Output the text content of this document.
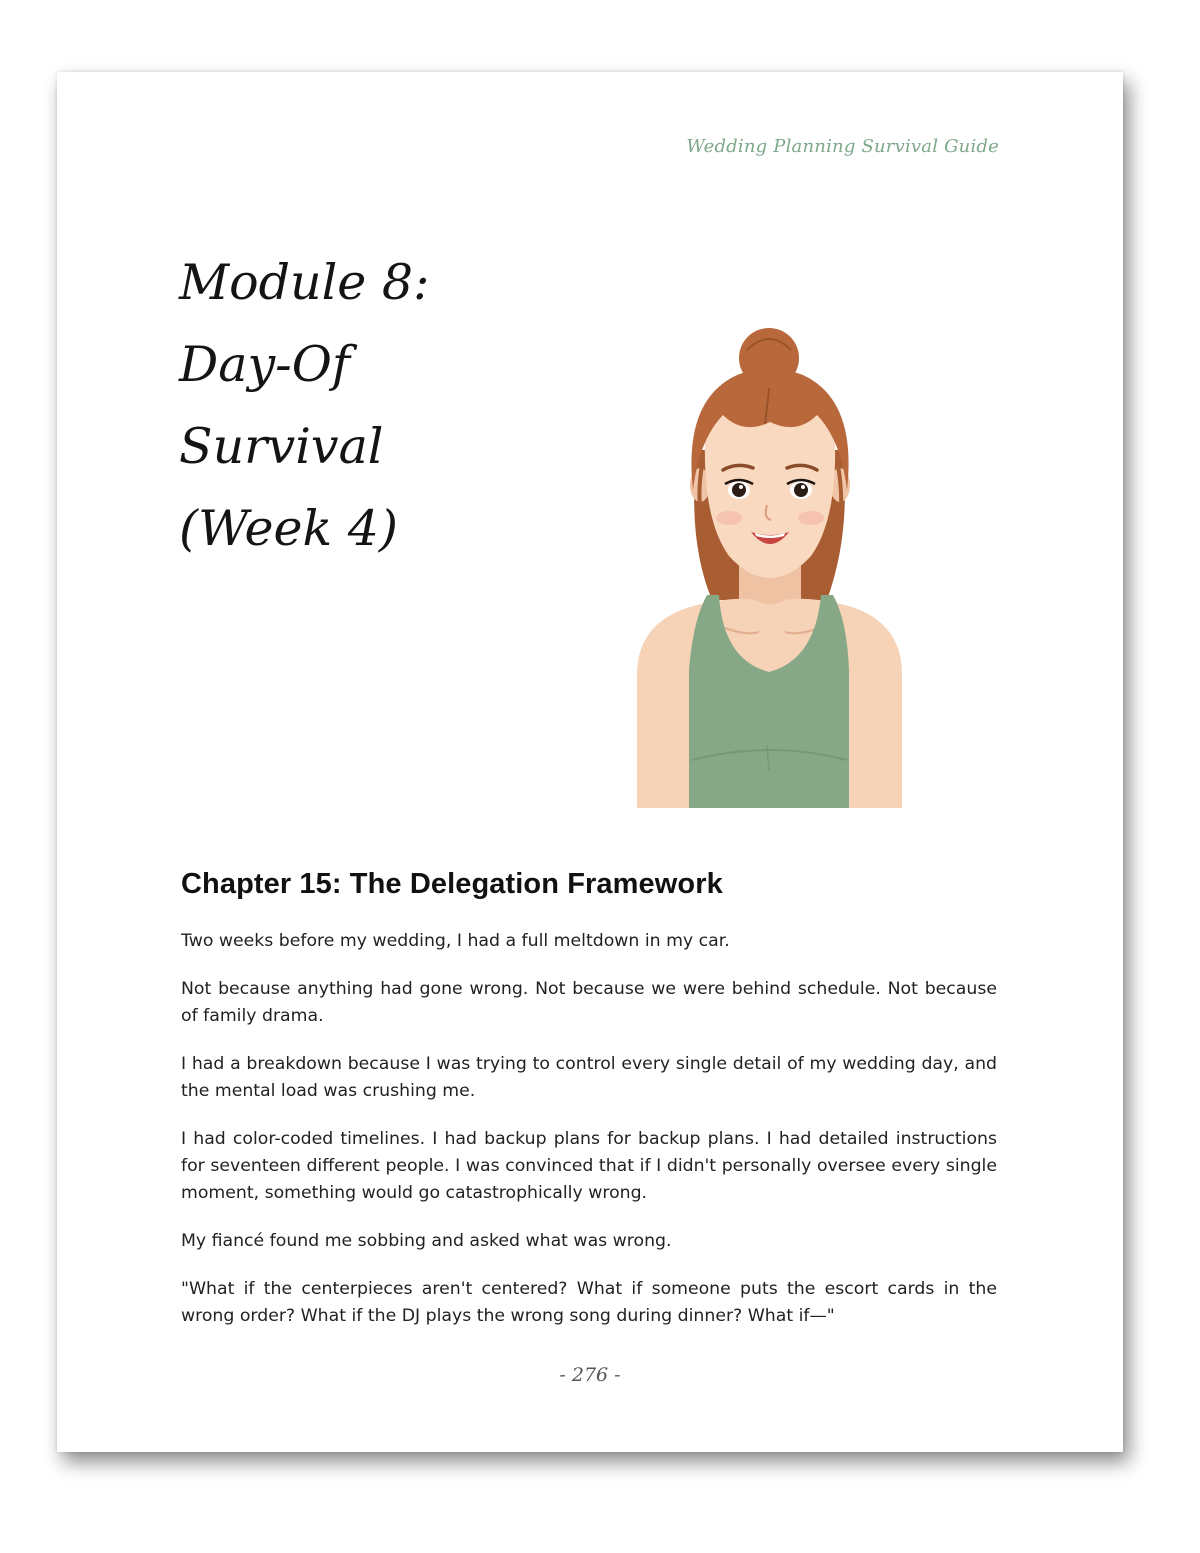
Wedding Planning Survival Guide
Module 8:
Day-Of
Survival
(Week 4)
Chapter 15: The Delegation Framework

Two weeks before my wedding, I had a full meltdown in my car.

Not because anything had gone wrong. Not because we were behind schedule. Not because of family drama.

I had a breakdown because I was trying to control every single detail of my wedding day, and the mental load was crushing me.

I had color-coded timelines. I had backup plans for backup plans. I had detailed instructions for seventeen different people. I was convinced that if I didn't personally oversee every single moment, something would go catastrophically wrong.

My fiancé found me sobbing and asked what was wrong.

"What if the centerpieces aren't centered? What if someone puts the escort cards in the wrong order? What if the DJ plays the wrong song during dinner? What if—"

- 276 -
